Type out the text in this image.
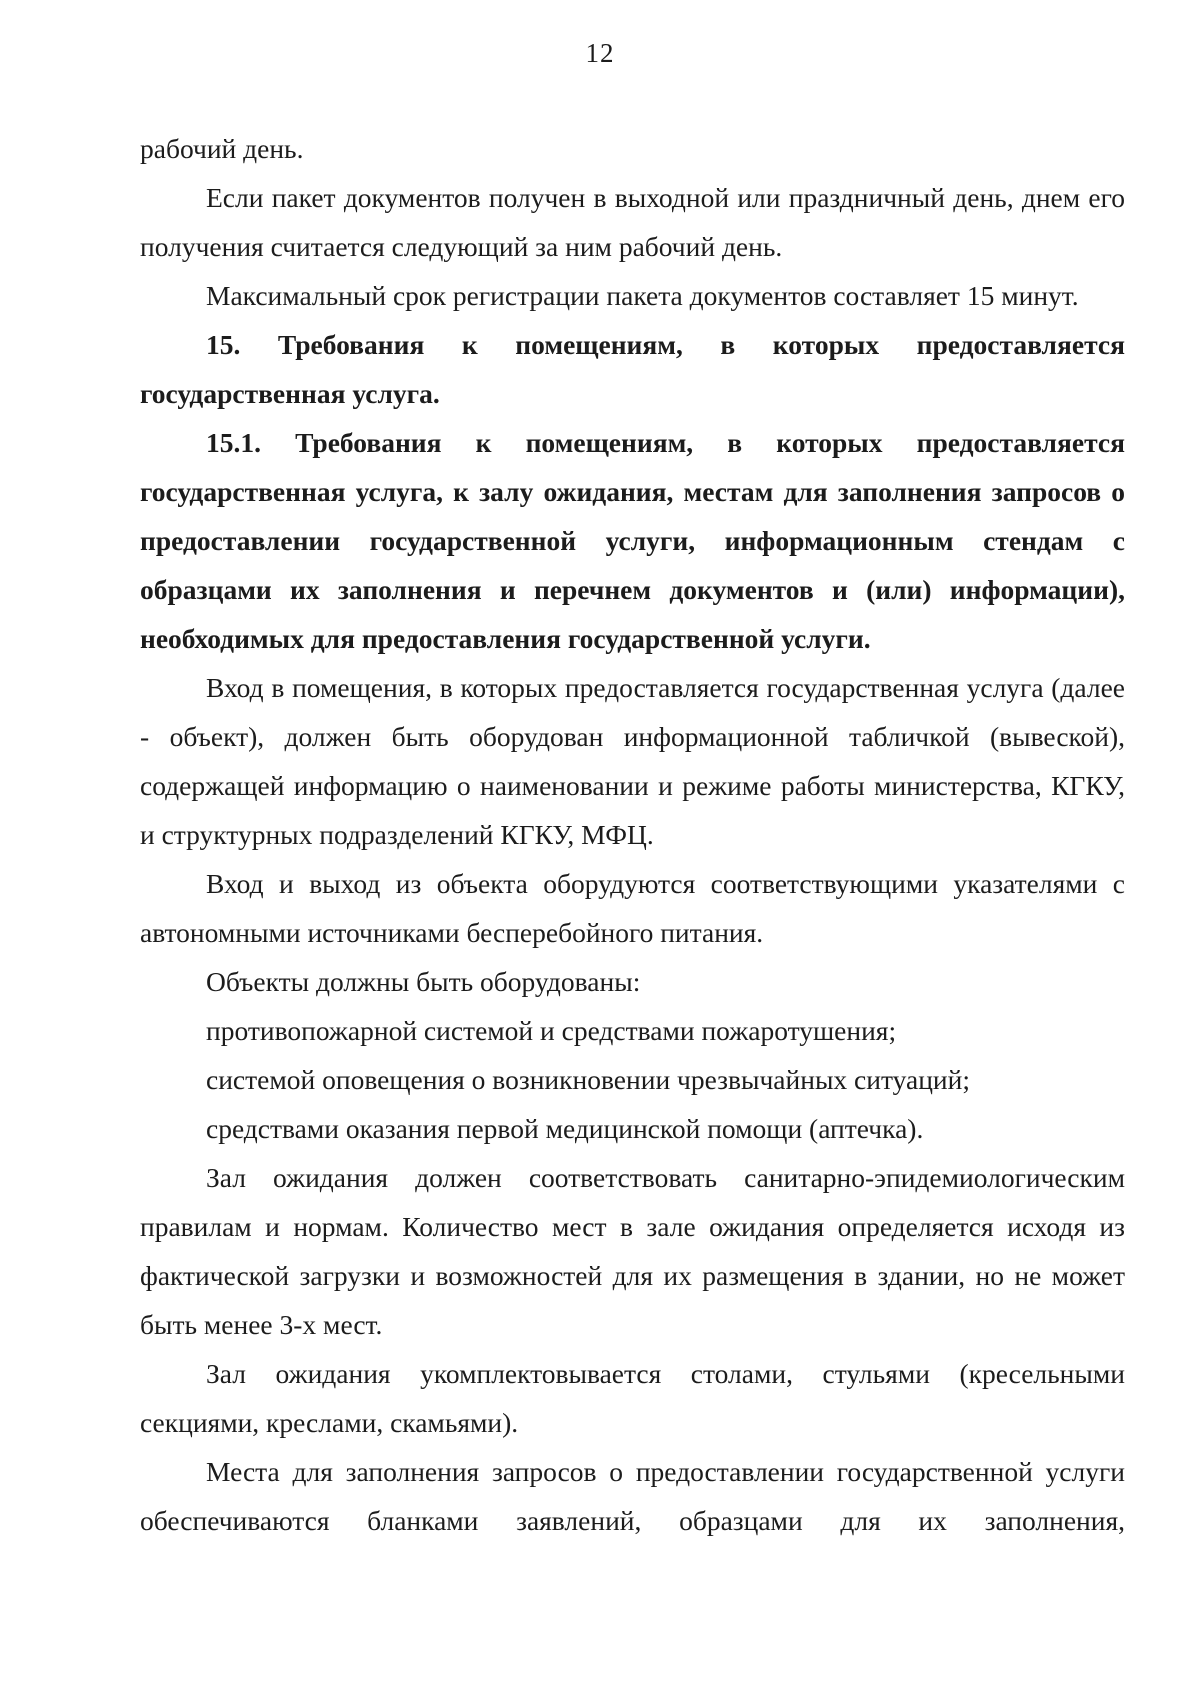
12

рабочий день.

Если пакет документов получен в выходной или праздничный день, днем его получения считается следующий за ним рабочий день.

Максимальный срок регистрации пакета документов составляет 15 минут.

15. Требования к помещениям, в которых предоставляется государственная услуга.

15.1. Требования к помещениям, в которых предоставляется государственная услуга, к залу ожидания, местам для заполнения запросов о предоставлении государственной услуги, информационным стендам с образцами их заполнения и перечнем документов и (или) информации), необходимых для предоставления государственной услуги.

Вход в помещения, в которых предоставляется государственная услуга (далее - объект), должен быть оборудован информационной табличкой (вывеской), содержащей информацию о наименовании и режиме работы министерства, КГКУ, и структурных подразделений КГКУ, МФЦ.

Вход и выход из объекта оборудуются соответствующими указателями с автономными источниками бесперебойного питания.

Объекты должны быть оборудованы:

противопожарной системой и средствами пожаротушения;

системой оповещения о возникновении чрезвычайных ситуаций;

средствами оказания первой медицинской помощи (аптечка).

Зал ожидания должен соответствовать санитарно-эпидемиологическим правилам и нормам. Количество мест в зале ожидания определяется исходя из фактической загрузки и возможностей для их размещения в здании, но не может быть менее 3-х мест.

Зал ожидания укомплектовывается столами, стульями (кресельными секциями, креслами, скамьями).

Места для заполнения запросов о предоставлении государственной услуги обеспечиваются бланками заявлений, образцами для их заполнения,
